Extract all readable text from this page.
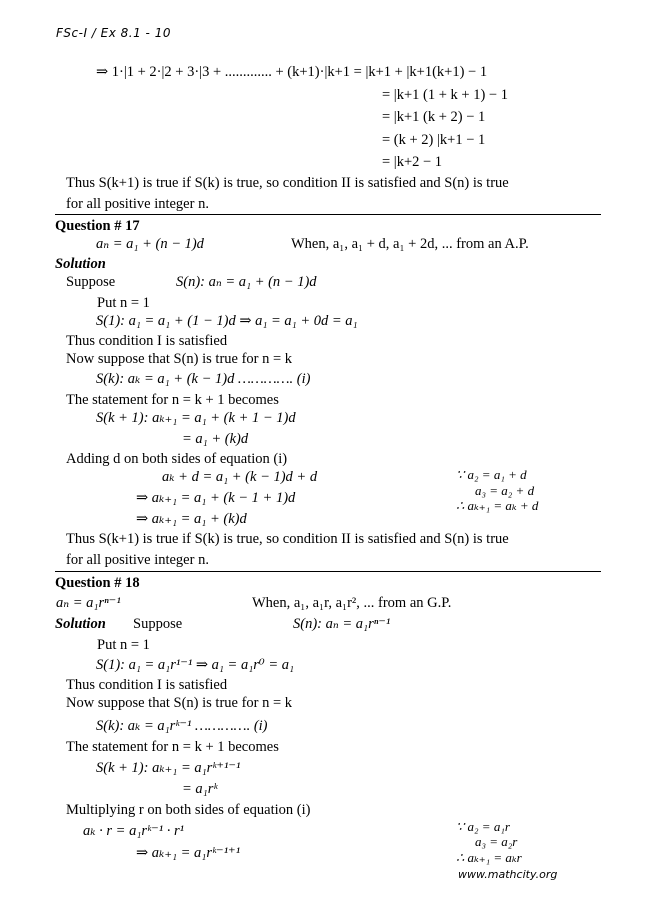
FSc-I / Ex 8.1 - 10
⇒ 1·|1 + 2·|2 + 3·|3 + ............. + (k+1)·|k+1 = |k+1 + |k+1(k+1) − 1
= |k+1 (1 + k + 1) − 1
= |k+1 (k + 2) − 1
= (k + 2) |k+1 − 1
= |k+2 − 1
Thus S(k+1) is true if S(k) is true, so condition II is satisfied and S(n) is true
for all positive integer n.
Question # 17
aₙ = a₁ + (n − 1)d	When, a₁, a₁ + d, a₁ + 2d, ... from an A.P.
Solution
Suppose	S(n): aₙ = a₁ + (n − 1)d
Put n = 1
S(1): a₁ = a₁ + (1 − 1)d ⇒ a₁ = a₁ + 0d = a₁
Thus condition I is satisfied
Now suppose that S(n) is true for n = k
S(k): aₖ = a₁ + (k − 1)d …………. (i)
The statement for n = k + 1 becomes
S(k + 1): aₖ₊₁ = a₁ + (k + 1 − 1)d
= a₁ + (k)d
Adding d on both sides of equation (i)
aₖ + d = a₁ + (k − 1)d + d
⇒ aₖ₊₁ = a₁ + (k − 1 + 1)d
⇒ aₖ₊₁ = a₁ + (k)d
∵ a₂ = a₁ + d
a₃ = a₂ + d
∴ aₖ₊₁ = aₖ + d
Thus S(k+1) is true if S(k) is true, so condition II is satisfied and S(n) is true
for all positive integer n.
Question # 18
aₙ = a₁rⁿ⁻¹	When, a₁, a₁r, a₁r², ... from an G.P.
Solution Suppose	S(n): aₙ = a₁rⁿ⁻¹
Put n = 1
S(1): a₁ = a₁r¹⁻¹ ⇒ a₁ = a₁r⁰ = a₁
Thus condition I is satisfied
Now suppose that S(n) is true for n = k
S(k): aₖ = a₁rᵏ⁻¹ …………. (i)
The statement for n = k + 1 becomes
S(k + 1): aₖ₊₁ = a₁rᵏ⁺¹⁻¹
= a₁rᵏ
Multiplying r on both sides of equation (i)
aₖ · r = a₁rᵏ⁻¹ · r¹
⇒ aₖ₊₁ = a₁rᵏ⁻¹⁺¹
∵ a₂ = a₁r
a₃ = a₂r
∴ aₖ₊₁ = aₖr
www.mathcity.org
